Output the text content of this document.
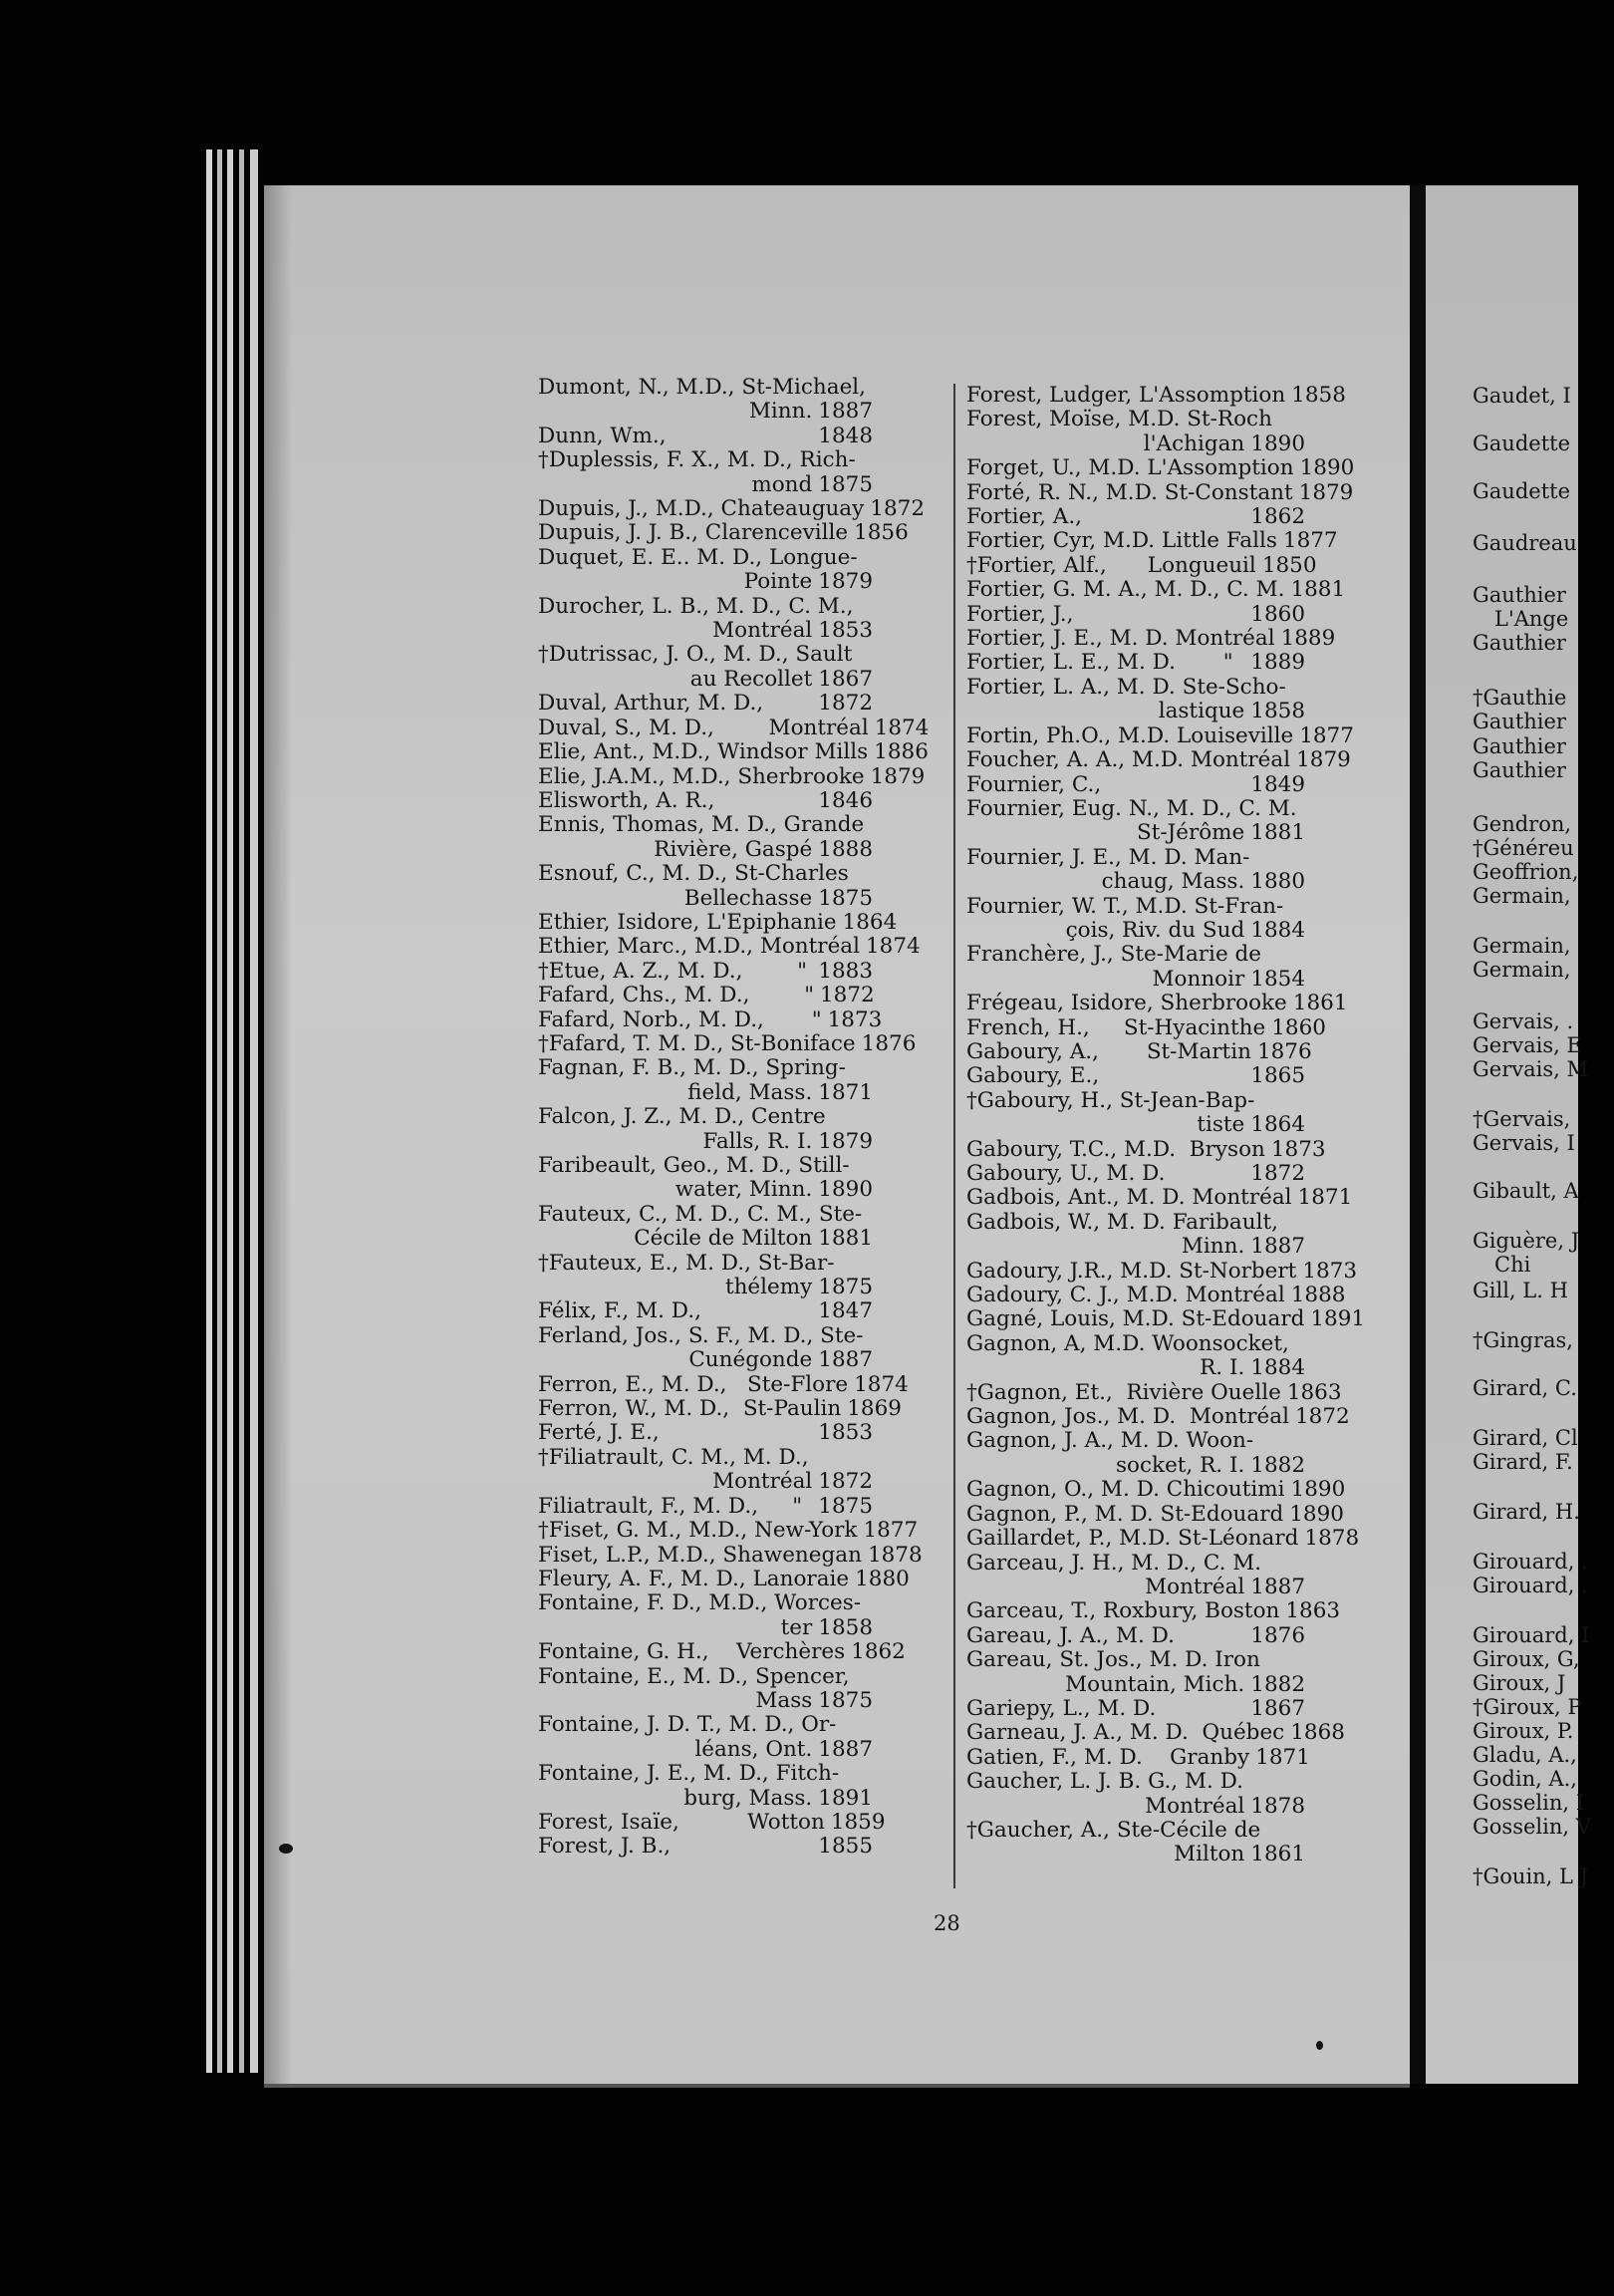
Dumont, N., M.D., St-Michael,
Minn. 1887
Dunn, Wm.,	1848
†Duplessis, F. X., M. D., Rich-
mond 1875
Dupuis, J., M.D., Chateauguay 1872
Dupuis, J. J. B., Clarenceville 1856
Duquet, E. E.. M. D., Longue-
Pointe 1879
Durocher, L. B., M. D., C. M.,
Montréal 1853
†Dutrissac, J. O., M. D., Sault
au Recollet 1867
Duval, Arthur, M. D.,	1872
Duval, S., M. D.,        Montréal 1874
Elie, Ant., M.D., Windsor Mills 1886
Elie, J.A.M., M.D., Sherbrooke 1879
Elisworth, A. R.,	1846
Ennis, Thomas, M. D., Grande
Rivière, Gaspé 1888
Esnouf, C., M. D., St-Charles
Bellechasse 1875
Ethier, Isidore, L'Epiphanie 1864
Ethier, Marc., M.D., Montréal 1874
†Etue, A. Z., M. D.,        " 1883
Fafard, Chs., M. D.,        " 1872
Fafard, Norb., M. D.,       " 1873
†Fafard, T. M. D., St-Boniface 1876
Fagnan, F. B., M. D., Spring-
field, Mass. 1871
Falcon, J. Z., M. D., Centre
Falls, R. I. 1879
Faribeault, Geo., M. D., Still-
water, Minn. 1890
Fauteux, C., M. D., C. M., Ste-
Cécile de Milton 1881
†Fauteux, E., M. D., St-Bar-
thélemy 1875
Félix, F., M. D.,	1847
Ferland, Jos., S. F., M. D., Ste-
Cunégonde 1887
Ferron, E., M. D.,   Ste-Flore 1874
Ferron, W., M. D.,  St-Paulin 1869
Ferté, J. E.,	1853
†Filiatrault, C. M., M. D.,
Montréal 1872
Filiatrault, F., M. D.,     " 1875
†Fiset, G. M., M.D., New-York 1877
Fiset, L.P., M.D., Shawenegan 1878
Fleury, A. F., M. D., Lanoraie 1880
Fontaine, F. D., M.D., Worces-
ter 1858
Fontaine, G. H.,    Verchères 1862
Fontaine, E., M. D., Spencer,
Mass 1875
Fontaine, J. D. T., M. D., Or-
léans, Ont. 1887
Fontaine, J. E., M. D., Fitch-
burg, Mass. 1891
Forest, Isaïe,          Wotton 1859
Forest, J. B.,	1855
Forest, Ludger, L'Assomption 1858
Forest, Moïse, M.D. St-Roch
l'Achigan 1890
Forget, U., M.D. L'Assomption 1890
Forté, R. N., M.D. St-Constant 1879
Fortier, A.,	1862
Fortier, Cyr, M.D. Little Falls 1877
†Fortier, Alf.,      Longueuil 1850
Fortier, G. M. A., M. D., C. M. 1881
Fortier, J.,	1860
Fortier, J. E., M. D. Montréal 1889
Fortier, L. E., M. D.       " 1889
Fortier, L. A., M. D. Ste-Scho-
lastique 1858
Fortin, Ph.O., M.D. Louiseville 1877
Foucher, A. A., M.D. Montréal 1879
Fournier, C.,	1849
Fournier, Eug. N., M. D., C. M.
St-Jérôme 1881
Fournier, J. E., M. D. Man-
chaug, Mass. 1880
Fournier, W. T., M.D. St-Fran-
çois, Riv. du Sud 1884
Franchère, J., Ste-Marie de
Monnoir 1854
Frégeau, Isidore, Sherbrooke 1861
French, H.,     St-Hyacinthe 1860
Gaboury, A.,       St-Martin 1876
Gaboury, E.,	1865
†Gaboury, H., St-Jean-Bap-
tiste 1864
Gaboury, T.C., M.D.  Bryson 1873
Gaboury, U., M. D.	1872
Gadbois, Ant., M. D. Montréal 1871
Gadbois, W., M. D. Faribault,
Minn. 1887
Gadoury, J.R., M.D. St-Norbert 1873
Gadoury, C. J., M.D. Montréal 1888
Gagné, Louis, M.D. St-Edouard 1891
Gagnon, A, M.D. Woonsocket,
R. I. 1884
†Gagnon, Et.,  Rivière Ouelle 1863
Gagnon, Jos., M. D.  Montréal 1872
Gagnon, J. A., M. D. Woon-
socket, R. I. 1882
Gagnon, O., M. D. Chicoutimi 1890
Gagnon, P., M. D. St-Edouard 1890
Gaillardet, P., M.D. St-Léonard 1878
Garceau, J. H., M. D., C. M.
Montréal 1887
Garceau, T., Roxbury, Boston 1863
Gareau, J. A., M. D.	1876
Gareau, St. Jos., M. D. Iron
Mountain, Mich. 1882
Gariepy, L., M. D.	1867
Garneau, J. A., M. D.  Québec 1868
Gatien, F., M. D.    Granby 1871
Gaucher, L. J. B. G., M. D.
Montréal 1878
†Gaucher, A., Ste-Cécile de
Milton 1861
28
Gaudet, I
Gaudette
Gaudette
Gaudreau
Gauthier
L'Ange
Gauthier
†Gauthie
Gauthier
Gauthier
Gauthier
Gendron,
†Généreu
Geoffrion,
Germain,
Germain,
Germain,
Gervais, .
Gervais, E
Gervais, M
†Gervais,
Gervais, I
Gibault, A
Giguère, J
Chi
Gill, L. H
†Gingras,
Girard, C.
Girard, Cl
Girard, F.
Girard, H.
Girouard, .
Girouard, .
Girouard, I
Giroux, G,
Giroux, J
†Giroux, P
Giroux, P.
Gladu, A.,
Godin, A.,
Gosselin, I
Gosselin, V
†Gouin, L J
